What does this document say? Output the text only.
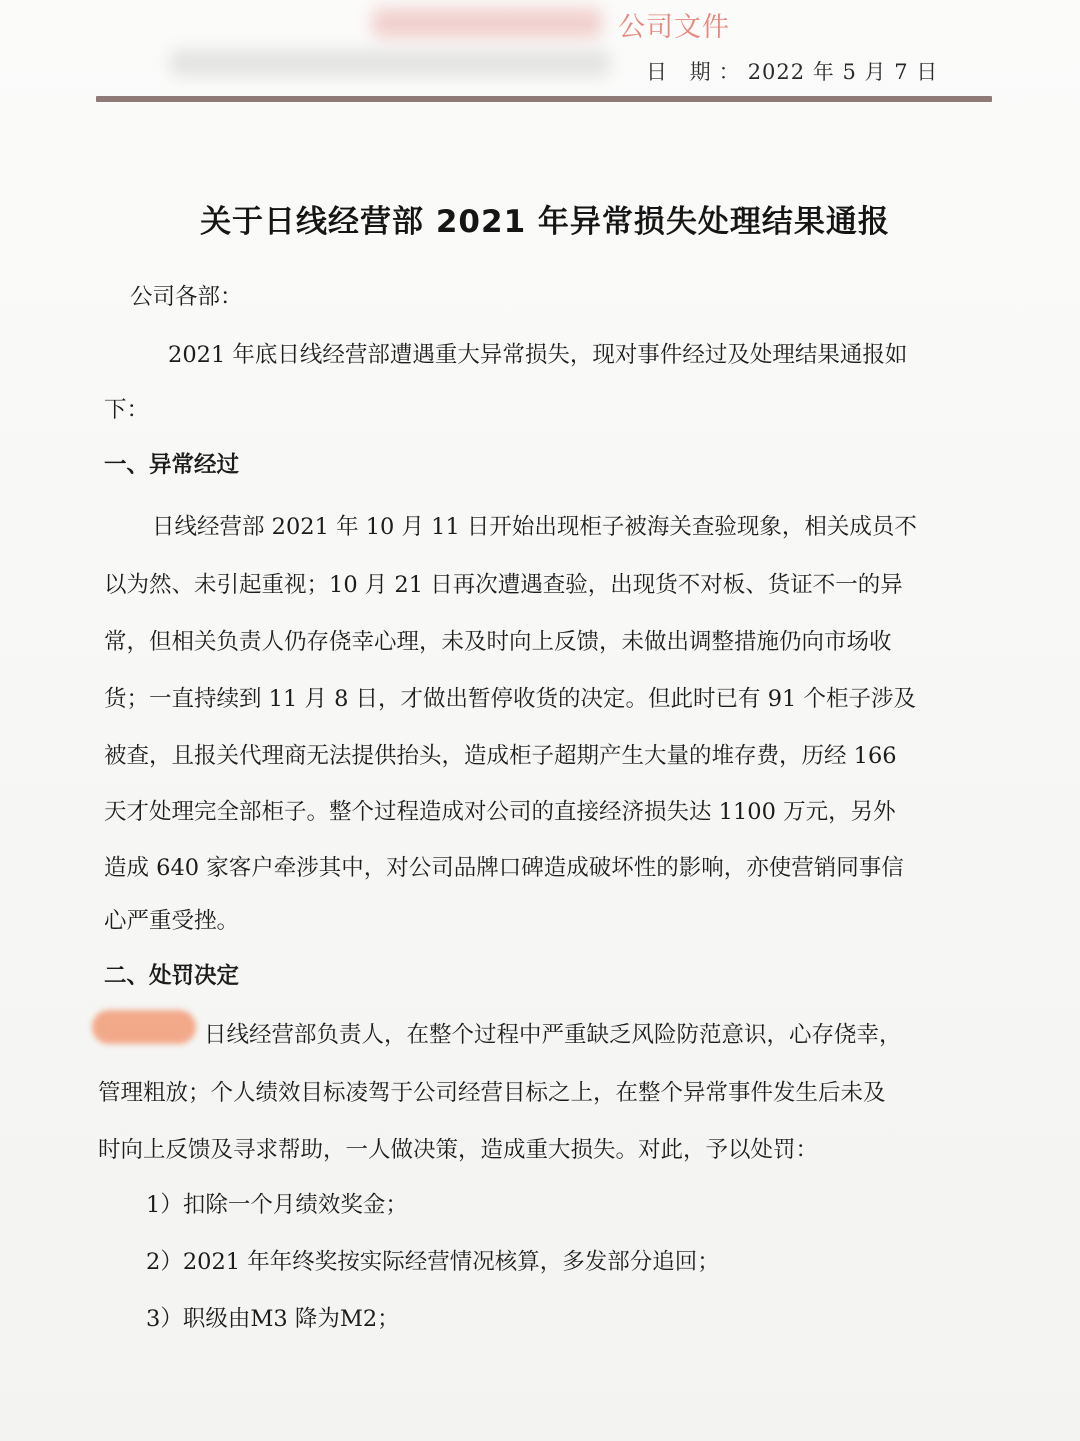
公司文件
日 期：2022 年 5 月 7 日
关于日线经营部 2021 年异常损失处理结果通报
公司各部：
2021 年底日线经营部遭遇重大异常损失，现对事件经过及处理结果通报如
下：
一、异常经过
日线经营部 2021 年 10 月 11 日开始出现柜子被海关查验现象，相关成员不
以为然、未引起重视；10 月 21 日再次遭遇查验，出现货不对板、货证不一的异
常，但相关负责人仍存侥幸心理，未及时向上反馈，未做出调整措施仍向市场收
货；一直持续到 11 月 8 日，才做出暂停收货的决定。但此时已有 91 个柜子涉及
被查，且报关代理商无法提供抬头，造成柜子超期产生大量的堆存费，历经 166
天才处理完全部柜子。整个过程造成对公司的直接经济损失达 1100 万元，另外
造成 640 家客户牵涉其中，对公司品牌口碑造成破坏性的影响，亦使营销同事信
心严重受挫。
二、处罚决定
日线经营部负责人，在整个过程中严重缺乏风险防范意识，心存侥幸，
管理粗放；个人绩效目标凌驾于公司经营目标之上，在整个异常事件发生后未及
时向上反馈及寻求帮助，一人做决策，造成重大损失。对此，予以处罚：
1）扣除一个月绩效奖金；
2）2021 年年终奖按实际经营情况核算，多发部分追回；
3）职级由M3 降为M2；
